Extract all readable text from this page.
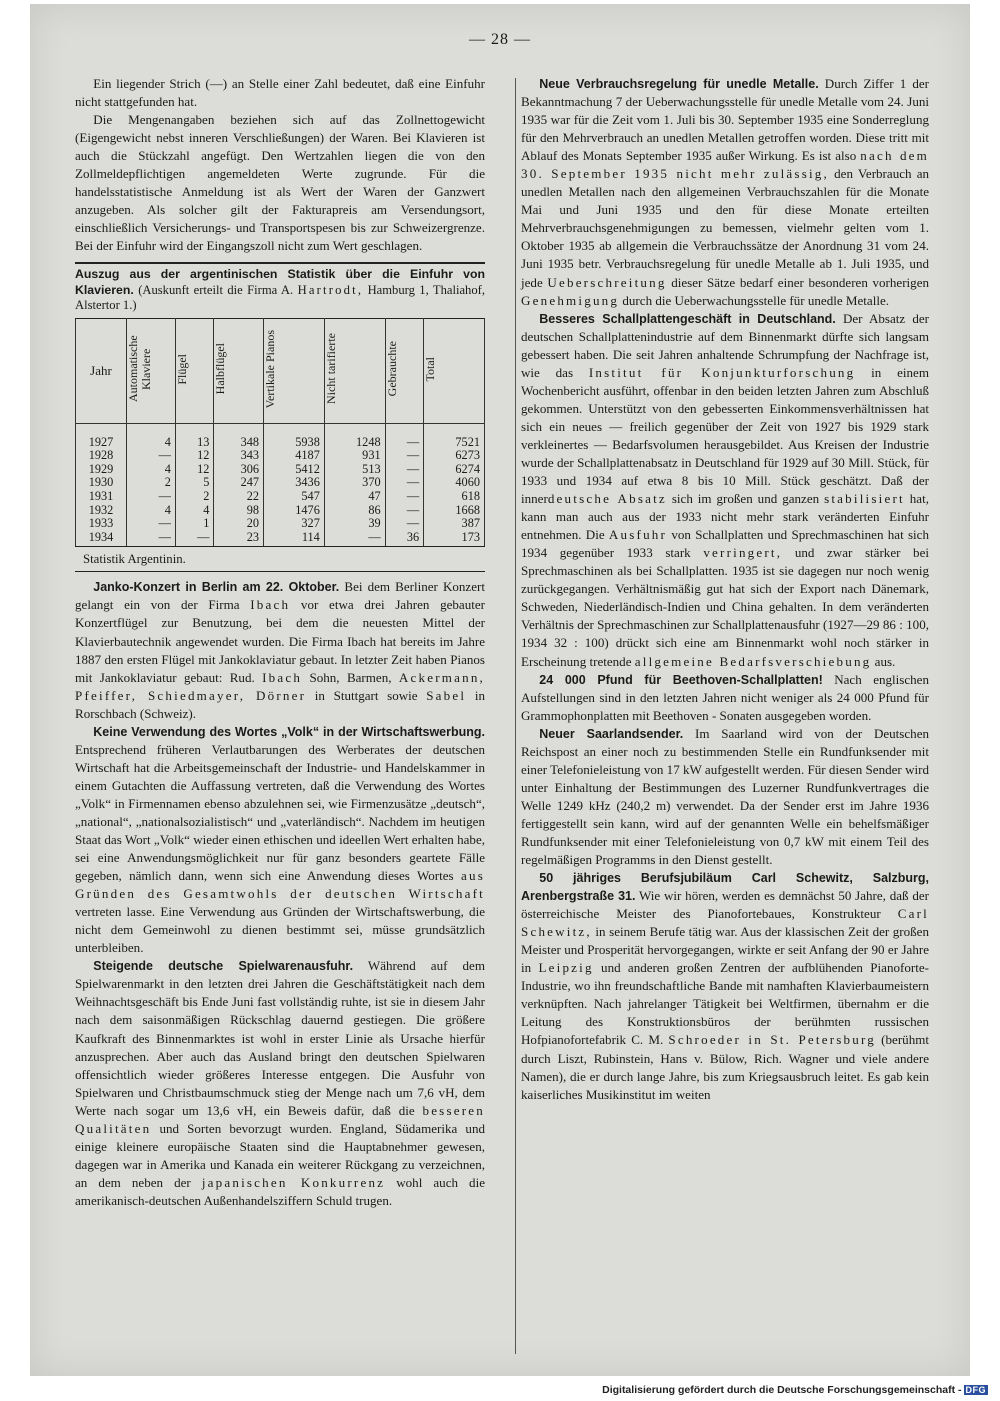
— 28 —

Ein liegender Strich (—) an Stelle einer Zahl bedeutet, daß eine Einfuhr nicht stattgefunden hat.

Die Mengenangaben beziehen sich auf das Zollnettogewicht (Eigengewicht nebst inneren Verschließungen) der Waren. Bei Klavieren ist auch die Stückzahl angefügt. Den Wertzahlen liegen die von den Zollmeldepflichtigen angemeldeten Werte zugrunde. Für die handelsstatistische Anmeldung ist als Wert der Waren der Ganzwert anzugeben. Als solcher gilt der Fakturapreis am Versendungsort, einschließlich Versicherungs- und Transportspesen bis zur Schweizergrenze. Bei der Einfuhr wird der Eingangszoll nicht zum Wert geschlagen.

Auszug aus der argentinischen Statistik über die Einfuhr von Klavieren. (Auskunft erteilt die Firma A. Hartrodt, Hamburg 1, Thaliahof, Alstertor 1.)

Jahr	Automatische Klaviere	Flügel	Halbflügel	Vertikale Pianos	Nicht tarifierte	Gebrauchte	Total
1927	4	13	348	5938	1248	—	7521
1928	—	12	343	4187	931	—	6273
1929	4	12	306	5412	513	—	6274
1930	2	5	247	3436	370	—	4060
1931	—	2	22	547	47	—	618
1932	4	4	98	1476	86	—	1668
1933	—	1	20	327	39	—	387
1934	—	—	23	114	—	36	173
Statistik Argentinin.

Janko-Konzert in Berlin am 22. Oktober. Bei dem Berliner Konzert gelangt ein von der Firma Ibach vor etwa drei Jahren gebauter Konzertflügel zur Benutzung, bei dem die neuesten Mittel der Klavierbautechnik angewendet wurden. Die Firma Ibach hat bereits im Jahre 1887 den ersten Flügel mit Jankoklaviatur gebaut. In letzter Zeit haben Pianos mit Jankoklaviatur gebaut: Rud. Ibach Sohn, Barmen, Ackermann, Pfeiffer, Schiedmayer, Dörner in Stuttgart sowie Sabel in Rorschbach (Schweiz).

Keine Verwendung des Wortes „Volk“ in der Wirtschaftswerbung. Entsprechend früheren Verlautbarungen des Werberates der deutschen Wirtschaft hat die Arbeitsgemeinschaft der Industrie- und Handelskammer in einem Gutachten die Auffassung vertreten, daß die Verwendung des Wortes „Volk“ in Firmennamen ebenso abzulehnen sei, wie Firmenzusätze „deutsch“, „national“, „nationalsozialistisch“ und „vaterländisch“. Nachdem im heutigen Staat das Wort „Volk“ wieder einen ethischen und ideellen Wert erhalten habe, sei eine Anwendungsmöglichkeit nur für ganz besonders geartete Fälle gegeben, nämlich dann, wenn sich eine Anwendung dieses Wortes aus Gründen des Gesamtwohls der deutschen Wirtschaft vertreten lasse. Eine Verwendung aus Gründen der Wirtschaftswerbung, die nicht dem Gemeinwohl zu dienen bestimmt sei, müsse grundsätzlich unterbleiben.

Steigende deutsche Spielwarenausfuhr. Während auf dem Spielwarenmarkt in den letzten drei Jahren die Geschäftstätigkeit nach dem Weihnachtsgeschäft bis Ende Juni fast vollständig ruhte, ist sie in diesem Jahr nach dem saisonmäßigen Rückschlag dauernd gestiegen. Die größere Kaufkraft des Binnenmarktes ist wohl in erster Linie als Ursache hierfür anzusprechen. Aber auch das Ausland bringt den deutschen Spielwaren offensichtlich wieder größeres Interesse entgegen. Die Ausfuhr von Spielwaren und Christbaumschmuck stieg der Menge nach um 7,6 vH, dem Werte nach sogar um 13,6 vH, ein Beweis dafür, daß die besseren Qualitäten und Sorten bevorzugt wurden. England, Südamerika und einige kleinere europäische Staaten sind die Hauptabnehmer gewesen, dagegen war in Amerika und Kanada ein weiterer Rückgang zu verzeichnen, an dem neben der japanischen Konkurrenz wohl auch die amerikanisch-deutschen Außenhandelsziffern Schuld trugen.

Neue Verbrauchsregelung für unedle Metalle. Durch Ziffer 1 der Bekanntmachung 7 der Ueberwachungsstelle für unedle Metalle vom 24. Juni 1935 war für die Zeit vom 1. Juli bis 30. September 1935 eine Sonderreglung für den Mehrverbrauch an unedlen Metallen getroffen worden. Diese tritt mit Ablauf des Monats September 1935 außer Wirkung. Es ist also nach dem 30. September 1935 nicht mehr zulässig, den Verbrauch an unedlen Metallen nach den allgemeinen Verbrauchszahlen für die Monate Mai und Juni 1935 und den für diese Monate erteilten Mehrverbrauchsgenehmigungen zu bemessen, vielmehr gelten vom 1. Oktober 1935 ab allgemein die Verbrauchssätze der Anordnung 31 vom 24. Juni 1935 betr. Verbrauchsregelung für unedle Metalle ab 1. Juli 1935, und jede Ueberschreitung dieser Sätze bedarf einer besonderen vorherigen Genehmigung durch die Ueberwachungsstelle für unedle Metalle.

Besseres Schallplattengeschäft in Deutschland. Der Absatz der deutschen Schallplattenindustrie auf dem Binnenmarkt dürfte sich langsam gebessert haben. Die seit Jahren anhaltende Schrumpfung der Nachfrage ist, wie das Institut für Konjunkturforschung in einem Wochenbericht ausführt, offenbar in den beiden letzten Jahren zum Abschluß gekommen. Unterstützt von den gebesserten Einkommensverhältnissen hat sich ein neues — freilich gegenüber der Zeit von 1927 bis 1929 stark verkleinertes — Bedarfsvolumen herausgebildet. Aus Kreisen der Industrie wurde der Schallplattenabsatz in Deutschland für 1929 auf 30 Mill. Stück, für 1933 und 1934 auf etwa 8 bis 10 Mill. Stück geschätzt. Daß der innerdeutsche Absatz sich im großen und ganzen stabilisiert hat, kann man auch aus der 1933 nicht mehr stark veränderten Einfuhr entnehmen. Die Ausfuhr von Schallplatten und Sprechmaschinen hat sich 1934 gegenüber 1933 stark verringert, und zwar stärker bei Sprechmaschinen als bei Schallplatten. 1935 ist sie dagegen nur noch wenig zurückgegangen. Verhältnismäßig gut hat sich der Export nach Dänemark, Schweden, Niederländisch-Indien und China gehalten. In dem veränderten Verhältnis der Sprechmaschinen zur Schallplattenausfuhr (1927—29 86 : 100, 1934 32 : 100) drückt sich eine am Binnenmarkt wohl noch stärker in Erscheinung tretende allgemeine Bedarfsverschiebung aus.

24 000 Pfund für Beethoven-Schallplatten! Nach englischen Aufstellungen sind in den letzten Jahren nicht weniger als 24 000 Pfund für Grammophonplatten mit Beethoven - Sonaten ausgegeben worden.

Neuer Saarlandsender. Im Saarland wird von der Deutschen Reichspost an einer noch zu bestimmenden Stelle ein Rundfunksender mit einer Telefonieleistung von 17 kW aufgestellt werden. Für diesen Sender wird unter Einhaltung der Bestimmungen des Luzerner Rundfunkvertrages die Welle 1249 kHz (240,2 m) verwendet. Da der Sender erst im Jahre 1936 fertiggestellt sein kann, wird auf der genannten Welle ein behelfsmäßiger Rundfunksender mit einer Telefonieleistung von 0,7 kW mit einem Teil des regelmäßigen Programms in den Dienst gestellt.

50 jähriges Berufsjubiläum Carl Schewitz, Salzburg, Arenbergstraße 31. Wie wir hören, werden es demnächst 50 Jahre, daß der österreichische Meister des Pianofortebaues, Konstrukteur Carl Schewitz, in seinem Berufe tätig war. Aus der klassischen Zeit der großen Meister und Prosperität hervorgegangen, wirkte er seit Anfang der 90 er Jahre in Leipzig und anderen großen Zentren der aufblühenden Pianoforte-Industrie, wo ihn freundschaftliche Bande mit namhaften Klavierbaumeistern verknüpften. Nach jahrelanger Tätigkeit bei Weltfirmen, übernahm er die Leitung des Konstruktionsbüros der berühmten russischen Hofpianofortefabrik C. M. Schroeder in St. Petersburg (berühmt durch Liszt, Rubinstein, Hans v. Bülow, Rich. Wagner und viele andere Namen), die er durch lange Jahre, bis zum Kriegsausbruch leitet. Es gab kein kaiserliches Musikinstitut im weiten

Digitalisierung gefördert durch die Deutsche Forschungsgemeinschaft - DFG
